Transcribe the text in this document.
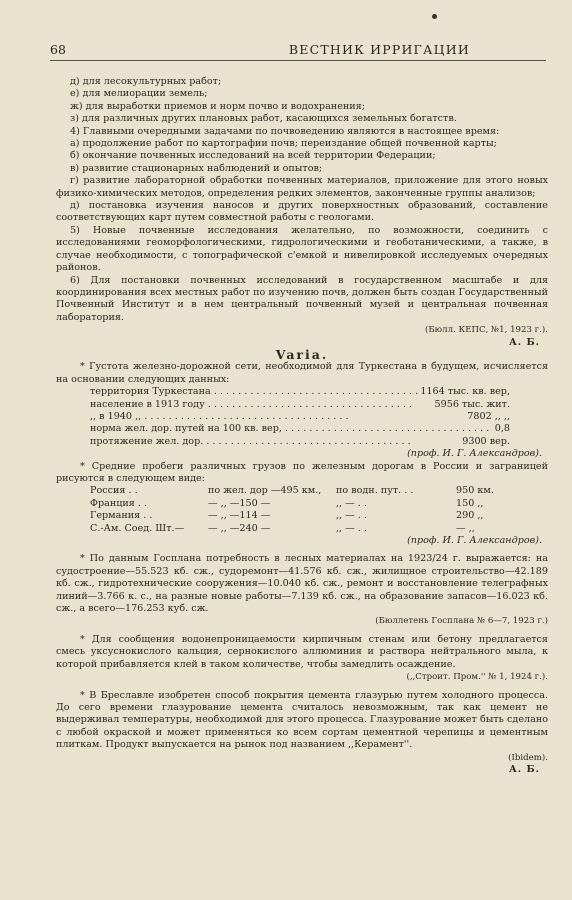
68	ВЕСТНИК ИРРИГАЦИИ

д) для лесокультурных работ;

е) для мелиорации земель;

ж) для выработки приемов и норм почво и водохранения;

з) для различных других плановых работ, касающихся земельных богатств.

4) Главными очередными задачами по почвоведению являются в настоящее время:

а) продолжение работ по картографии почв; переиздание общей почвенной карты;

б) окончание почвенных исследований на всей территории Федерации;

в) развитие стационарных наблюдений и опытов;

г) развитие лабораторной обработки почвенных материалов, приложение для этого новых физико-химических методов, определения редких элементов, законченные группы анализов;

д) постановка изучения наносов и других поверхностных образований, составление соответствующих карт путем совместной работы с геологами.

5) Новые почвенные исследования желательно, по возможности, соединить с исследованиями геоморфологическими, гидрологическими и геоботаническими, а также, в случае необходимости, с топографической с'емкой и нивелировкой исследуемых очередных районов.

6) Для постановки почвенных исследований в государственном масштабе и для координирования всех местных работ по изучению почв, должен быть создан Государственный Почвенный Институт и в нем центральный почвенный музей и центральная почвенная лаборатория.

(Бюлл. КЕПС, №1, 1923 г.).

А. Б.

Varia.

* Густота железно-дорожной сети, необходимой для Туркестана в будущем, исчисляется на основании следующих данных:

территория Туркестана . . .	1164 тыс. кв. вер,
население в 1913 году . . .	5956 тыс. жит.
,, в 1940 ,, . . .	7802 ,, ,,
норма жел. дор. путей на 100 кв. вер, . . .	0,8
протяжение жел. дор. . . .	9300 вер.

(проф. И. Г. Александров).

* Средние пробеги различных грузов по железным дорогам в России и заграницей рисуются в следующем виде:

Россия . .	по жел. дор —495 км.,	по водн. пут. . .	950 км.
Франция . .	— ,, —150 —	,, — . .	150 ,,
Германия . .	— ,, —114 —	,, — . .	290 ,,
С.-Ам. Соед. Шт.—	— ,, —240 —	,, — . .	— ,,

(проф. И. Г. Александров).

* По данным Госплана потребность в лесных материалах на 1923/24 г. выражается: на судостроение—55.523 кб. сж., судоремонт—41.576 кб. сж., жилищное строительство—42.189 кб. сж., гидротехнические сооружения—10.040 кб. сж., ремонт и восстановление телеграфных линий—3.766 к. с., на разные новые работы—7.139 кб. сж., на образование запасов—16.023 кб. сж., а всего—176.253 куб. сж.

(Бюллетень Госплана № 6—7, 1923 г.)

* Для сообщения водонепроницаемости кирпичным стенам или бетону предлагается смесь уксуснокислого кальция, сернокислого аллюминия и раствора нейтрального мыла, к которой прибавляется клей в таком количестве, чтобы замедлить осаждение.

(,,Строит. Пром.'' № 1, 1924 г.).

* В Бреславле изобретен способ покрытия цемента глазурью путем холодного процесса. До сего времени глазурование цемента считалось невозможным, так как цемент не выдерживал температуры, необходимой для этого процесса. Глазурование может быть сделано с любой окраской и может применяться ко всем сортам цементной черепицы и цементным плиткам. Продукт выпускается на рынок под названием ,,Керамент''.

(Ibidem).

А. Б.
